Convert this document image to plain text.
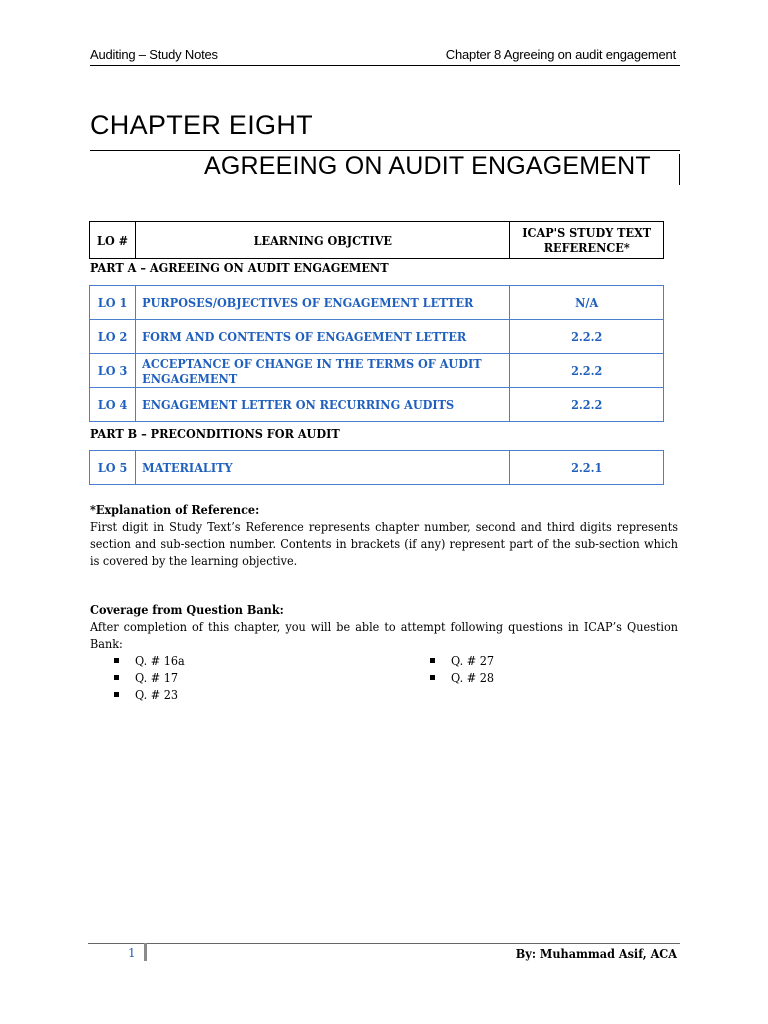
Auditing – Study Notes	Chapter 8 Agreeing on audit engagement
CHAPTER EIGHT
AGREEING ON AUDIT ENGAGEMENT
LO #	LEARNING OBJCTIVE	ICAP'S STUDY TEXT
REFERENCE*
PART A – AGREEING ON AUDIT ENGAGEMENT
LO 1	PURPOSES/OBJECTIVES OF ENGAGEMENT LETTER	N/A
LO 2	FORM AND CONTENTS OF ENGAGEMENT LETTER	2.2.2
LO 3	ACCEPTANCE OF CHANGE IN THE TERMS OF AUDIT ENGAGEMENT	2.2.2
LO 4	ENGAGEMENT LETTER ON RECURRING AUDITS	2.2.2
PART B – PRECONDITIONS FOR AUDIT
LO 5	MATERIALITY	2.2.1
*Explanation of Reference:
First digit in Study Text’s Reference represents chapter number, second and third digits represents section and sub-section number. Contents in brackets (if any) represent part of the sub-section which is covered by the learning objective.
Coverage from Question Bank:
After completion of this chapter, you will be able to attempt following questions in ICAP’s Question Bank:
Q. # 16a
Q. # 17
Q. # 23
Q. # 27
Q. # 28
1	By: Muhammad Asif, ACA
